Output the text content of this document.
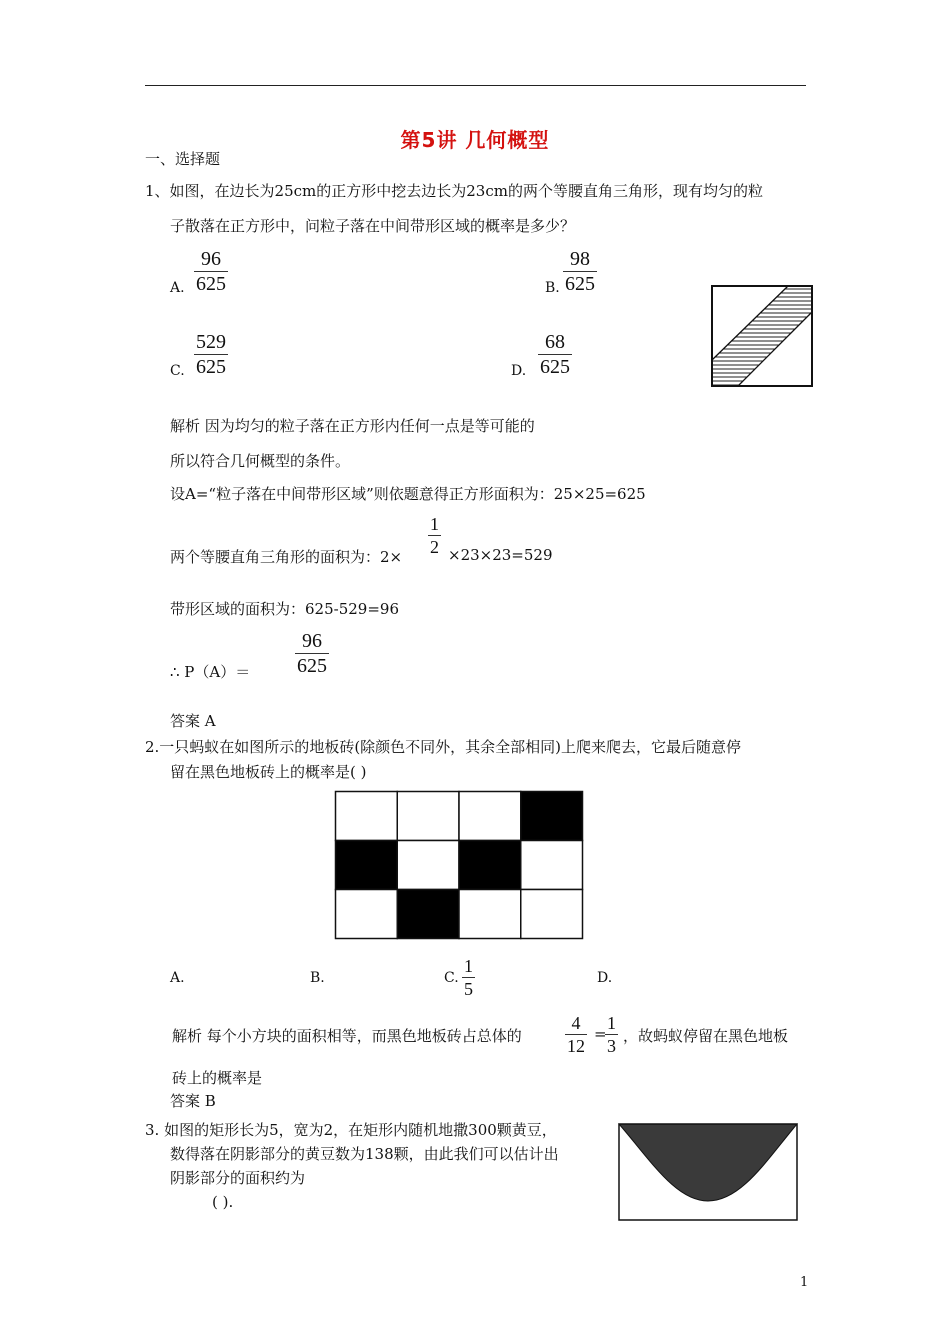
第5讲 几何概型
一、选择题
1、如图，在边长为25cm的正方形中挖去边长为23cm的两个等腰直角三角形，现有均匀的粒
子散落在正方形中，问粒子落在中间带形区域的概率是多少？
A. $\frac{96}{625}$	B. $\frac{98}{625}$
C. $\frac{529}{625}$	D. $\frac{68}{625}$
解析 因为均匀的粒子落在正方形内任何一点是等可能的
所以符合几何概型的条件。
设A=“粒子落在中间带形区域”则依题意得正方形面积为：25×25=625
两个等腰直角三角形的面积为：$2\times \frac{1}{2} \times 23\times 23=529$
带形区域的面积为：625-529=96
∴ $P(A)= \frac{96}{625}$
答案 A
2.一只蚂蚁在如图所示的地板砖(除颜色不同外，其余全部相同)上爬来爬去，它最后随意停
留在黑色地板砖上的概率是( )
A.	B.	C. $\frac{1}{5}$	D.
解析 每个小方块的面积相等，而黑色地板砖占总体的 $\frac{4}{12}$ =
$\frac{1}{3}$ ，故蚂蚁停留在黑色地板
砖上的概率是
答案 B
3. 如图的矩形长为5，宽为2，在矩形内随机地撒300颗黄豆，
数得落在阴影部分的黄豆数为138颗，由此我们可以估计出
阴影部分的面积约为
( ).
1
